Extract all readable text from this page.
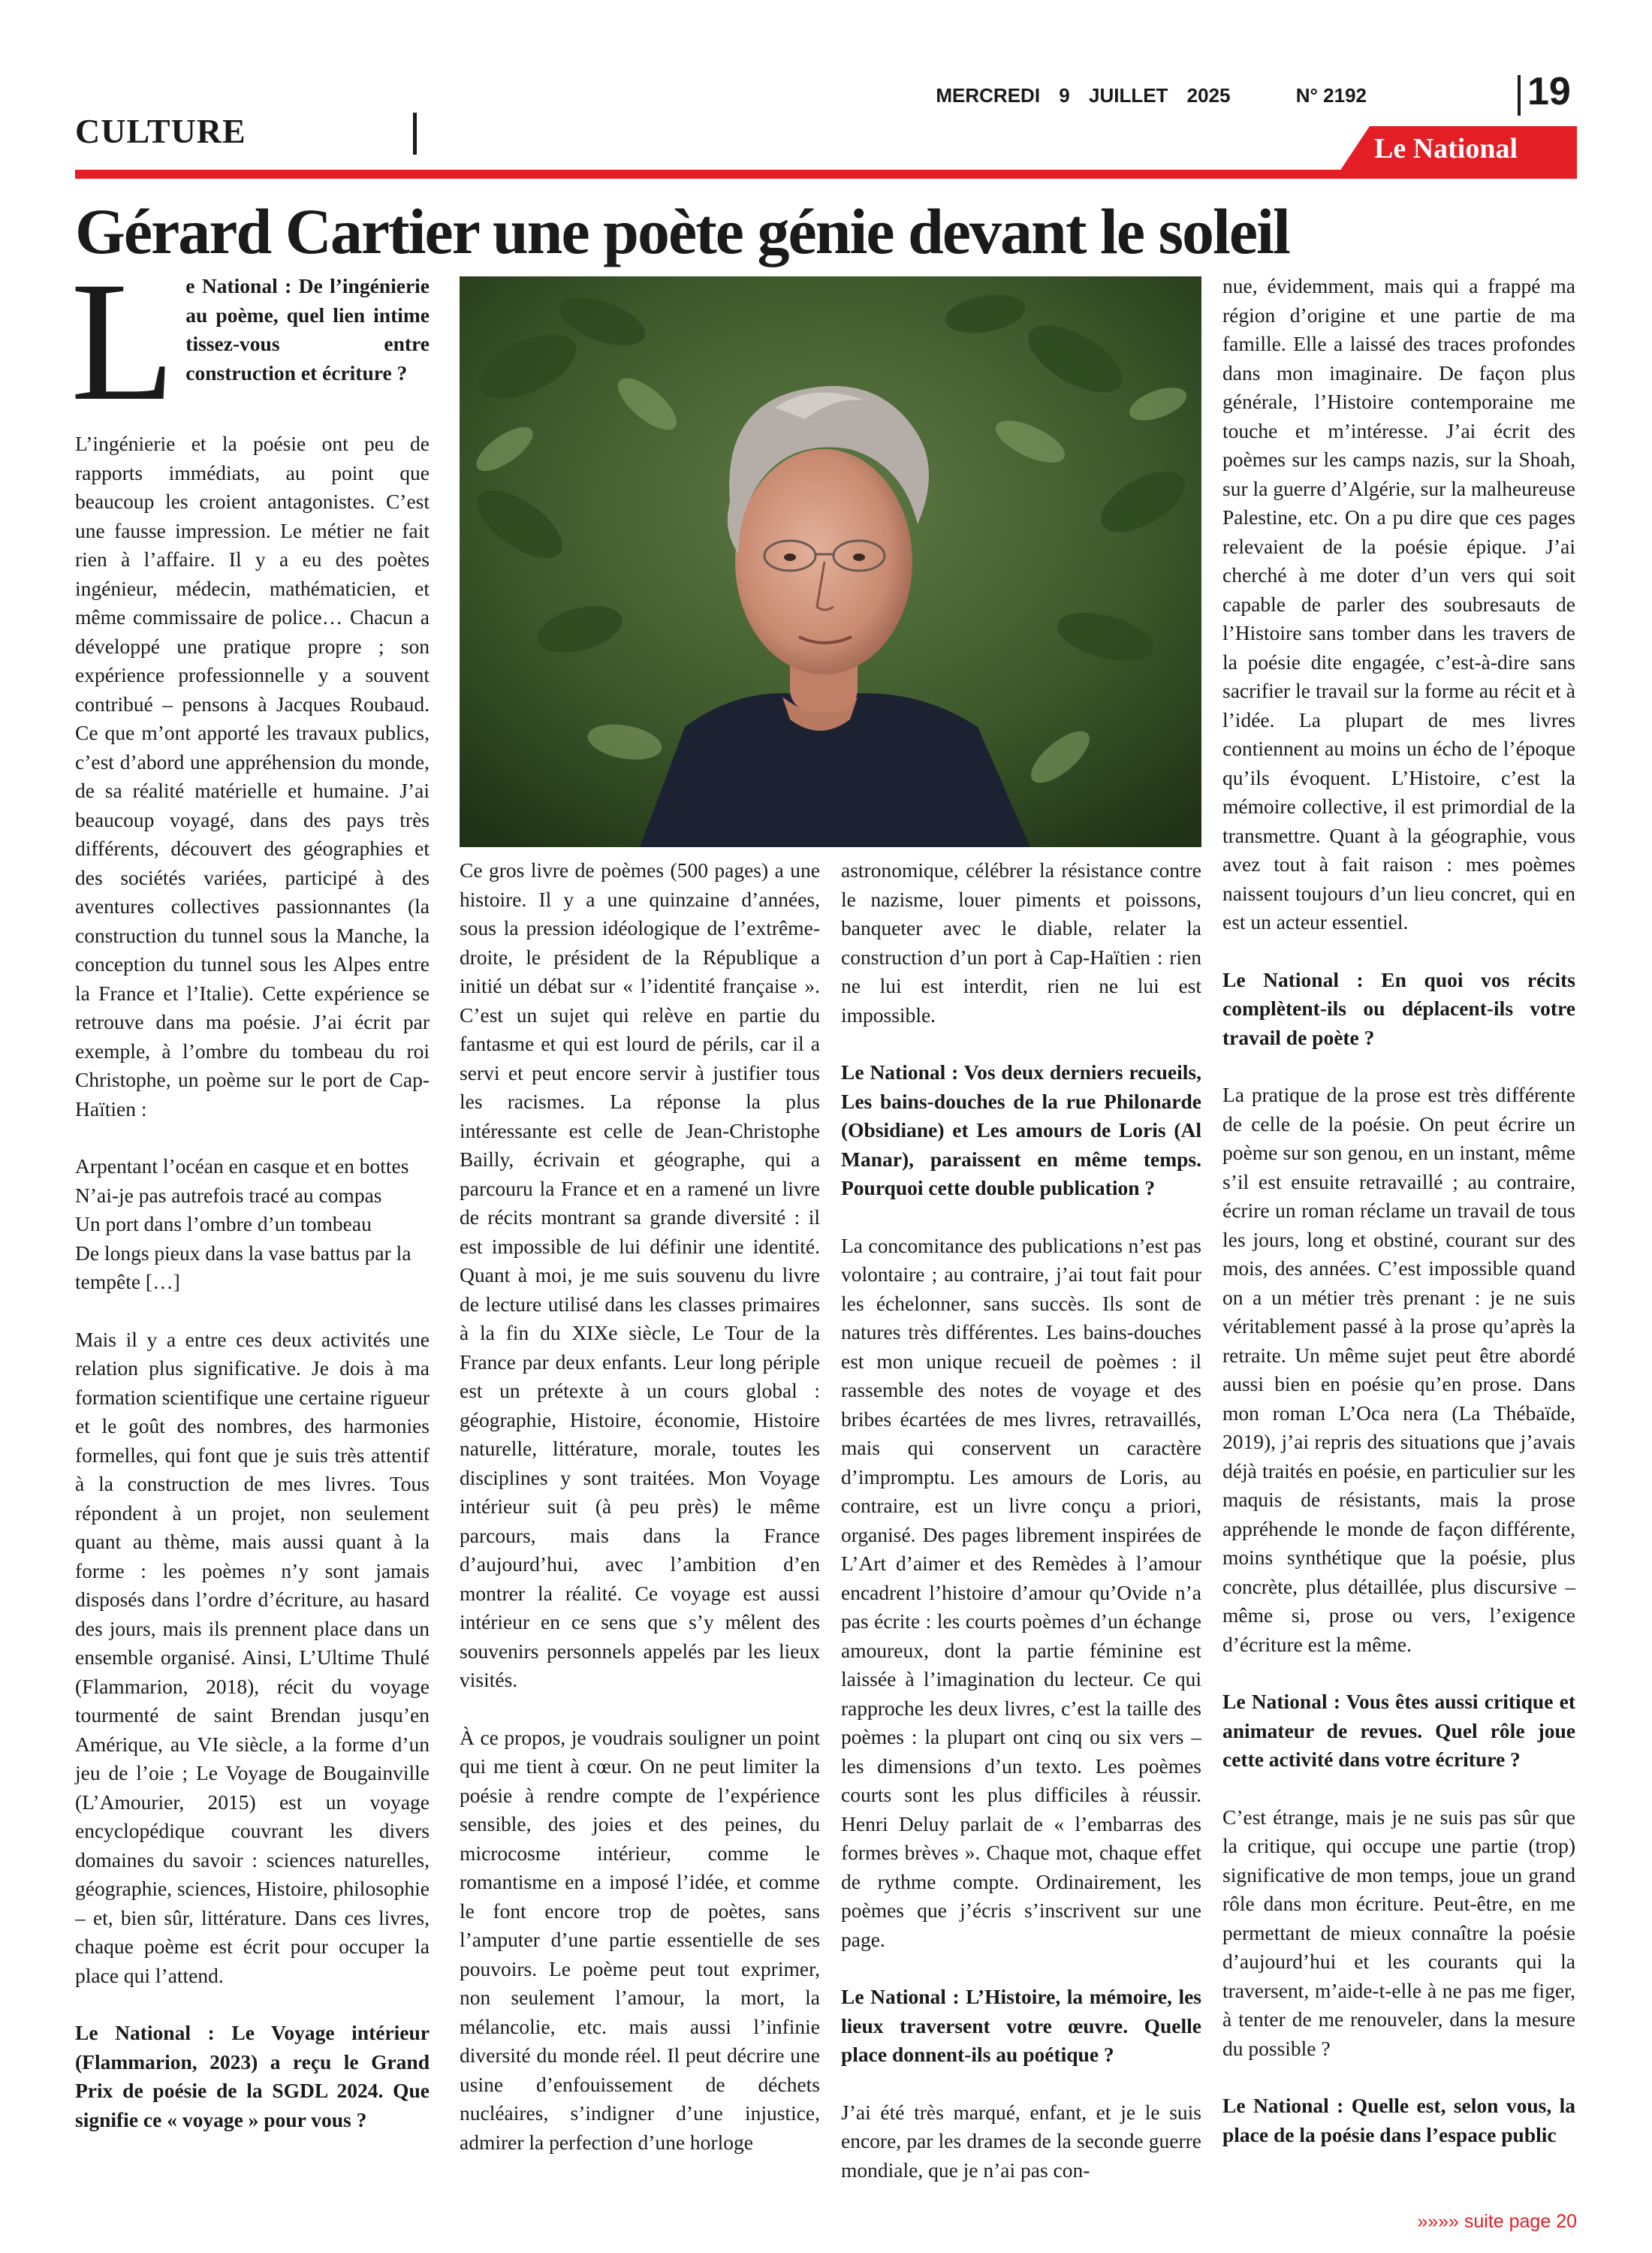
CULTURE
MERCREDI 9 JUILLET 2025	N° 2192	19
Le National
Gérard Cartier une poète génie devant le soleil
L e National : De l’ingénierie au poème, quel lien intime tissez-vous entre construction et écriture ?

L’ingénierie et la poésie ont peu de rapports immédiats, au point que beaucoup les croient antagonistes. C’est une fausse impression. Le métier ne fait rien à l’affaire. Il y a eu des poètes ingénieur, médecin, mathématicien, et même commissaire de police… Chacun a développé une pratique propre ; son expérience professionnelle y a souvent contribué – pensons à Jacques Roubaud. Ce que m’ont apporté les travaux publics, c’est d’abord une appréhension du monde, de sa réalité matérielle et humaine. J’ai beaucoup voyagé, dans des pays très différents, découvert des géographies et des sociétés variées, participé à des aventures collectives passionnantes (la construction du tunnel sous la Manche, la conception du tunnel sous les Alpes entre la France et l’Italie). Cette expérience se retrouve dans ma poésie. J’ai écrit par exemple, à l’ombre du tombeau du roi Christophe, un poème sur le port de Cap-Haïtien :

Arpentant l’océan en casque et en bottes
N’ai-je pas autrefois tracé au compas
Un port dans l’ombre d’un tombeau
De longs pieux dans la vase battus par la tempête […]

Mais il y a entre ces deux activités une relation plus significative. Je dois à ma formation scientifique une certaine rigueur et le goût des nombres, des harmonies formelles, qui font que je suis très attentif à la construction de mes livres. Tous répondent à un projet, non seulement quant au thème, mais aussi quant à la forme : les poèmes n’y sont jamais disposés dans l’ordre d’écriture, au hasard des jours, mais ils prennent place dans un ensemble organisé. Ainsi, L’Ultime Thulé (Flammarion, 2018), récit du voyage tourmenté de saint Brendan jusqu’en Amérique, au VIe siècle, a la forme d’un jeu de l’oie ; Le Voyage de Bougainville (L’Amourier, 2015) est un voyage encyclopédique couvrant les divers domaines du savoir : sciences naturelles, géographie, sciences, Histoire, philosophie – et, bien sûr, littérature. Dans ces livres, chaque poème est écrit pour occuper la place qui l’attend.

Le National : Le Voyage intérieur (Flammarion, 2023) a reçu le Grand Prix de poésie de la SGDL 2024. Que signifie ce « voyage » pour vous ?

Ce gros livre de poèmes (500 pages) a une histoire. Il y a une quinzaine d’années, sous la pression idéologique de l’extrême-droite, le président de la République a initié un débat sur « l’identité française ». C’est un sujet qui relève en partie du fantasme et qui est lourd de périls, car il a servi et peut encore servir à justifier tous les racismes. La réponse la plus intéressante est celle de Jean-Christophe Bailly, écrivain et géographe, qui a parcouru la France et en a ramené un livre de récits montrant sa grande diversité : il est impossible de lui définir une identité. Quant à moi, je me suis souvenu du livre de lecture utilisé dans les classes primaires à la fin du XIXe siècle, Le Tour de la France par deux enfants. Leur long périple est un prétexte à un cours global : géographie, Histoire, économie, Histoire naturelle, littérature, morale, toutes les disciplines y sont traitées. Mon Voyage intérieur suit (à peu près) le même parcours, mais dans la France d’aujourd’hui, avec l’ambition d’en montrer la réalité. Ce voyage est aussi intérieur en ce sens que s’y mêlent des souvenirs personnels appelés par les lieux visités.

À ce propos, je voudrais souligner un point qui me tient à cœur. On ne peut limiter la poésie à rendre compte de l’expérience sensible, des joies et des peines, du microcosme intérieur, comme le romantisme en a imposé l’idée, et comme le font encore trop de poètes, sans l’amputer d’une partie essentielle de ses pouvoirs. Le poème peut tout exprimer, non seulement l’amour, la mort, la mélancolie, etc. mais aussi l’infinie diversité du monde réel. Il peut décrire une usine d’enfouissement de déchets nucléaires, s’indigner d’une injustice, admirer la perfection d’une horloge

astronomique, célébrer la résistance contre le nazisme, louer piments et poissons, banqueter avec le diable, relater la construction d’un port à Cap-Haïtien : rien ne lui est interdit, rien ne lui est impossible.

Le National : Vos deux derniers recueils, Les bains-douches de la rue Philonarde (Obsidiane) et Les amours de Loris (Al Manar), paraissent en même temps. Pourquoi cette double publication ?

La concomitance des publications n’est pas volontaire ; au contraire, j’ai tout fait pour les échelonner, sans succès. Ils sont de natures très différentes. Les bains-douches est mon unique recueil de poèmes : il rassemble des notes de voyage et des bribes écartées de mes livres, retravaillés, mais qui conservent un caractère d’impromptu. Les amours de Loris, au contraire, est un livre conçu a priori, organisé. Des pages librement inspirées de L’Art d’aimer et des Remèdes à l’amour encadrent l’histoire d’amour qu’Ovide n’a pas écrite : les courts poèmes d’un échange amoureux, dont la partie féminine est laissée à l’imagination du lecteur. Ce qui rapproche les deux livres, c’est la taille des poèmes : la plupart ont cinq ou six vers – les dimensions d’un texto. Les poèmes courts sont les plus difficiles à réussir. Henri Deluy parlait de « l’embarras des formes brèves ». Chaque mot, chaque effet de rythme compte. Ordinairement, les poèmes que j’écris s’inscrivent sur une page.

Le National : L’Histoire, la mémoire, les lieux traversent votre œuvre. Quelle place donnent-ils au poétique ?

J’ai été très marqué, enfant, et je le suis encore, par les drames de la seconde guerre mondiale, que je n’ai pas con-

nue, évidemment, mais qui a frappé ma région d’origine et une partie de ma famille. Elle a laissé des traces profondes dans mon imaginaire. De façon plus générale, l’Histoire contemporaine me touche et m’intéresse. J’ai écrit des poèmes sur les camps nazis, sur la Shoah, sur la guerre d’Algérie, sur la malheureuse Palestine, etc. On a pu dire que ces pages relevaient de la poésie épique. J’ai cherché à me doter d’un vers qui soit capable de parler des soubresauts de l’Histoire sans tomber dans les travers de la poésie dite engagée, c’est-à-dire sans sacrifier le travail sur la forme au récit et à l’idée. La plupart de mes livres contiennent au moins un écho de l’époque qu’ils évoquent. L’Histoire, c’est la mémoire collective, il est primordial de la transmettre. Quant à la géographie, vous avez tout à fait raison : mes poèmes naissent toujours d’un lieu concret, qui en est un acteur essentiel.

Le National : En quoi vos récits complètent-ils ou déplacent-ils votre travail de poète ?

La pratique de la prose est très différente de celle de la poésie. On peut écrire un poème sur son genou, en un instant, même s’il est ensuite retravaillé ; au contraire, écrire un roman réclame un travail de tous les jours, long et obstiné, courant sur des mois, des années. C’est impossible quand on a un métier très prenant : je ne suis véritablement passé à la prose qu’après la retraite. Un même sujet peut être abordé aussi bien en poésie qu’en prose. Dans mon roman L’Oca nera (La Thébaïde, 2019), j’ai repris des situations que j’avais déjà traités en poésie, en particulier sur les maquis de résistants, mais la prose appréhende le monde de façon différente, moins synthétique que la poésie, plus concrète, plus détaillée, plus discursive – même si, prose ou vers, l’exigence d’écriture est la même.

Le National : Vous êtes aussi critique et animateur de revues. Quel rôle joue cette activité dans votre écriture ?

C’est étrange, mais je ne suis pas sûr que la critique, qui occupe une partie (trop) significative de mon temps, joue un grand rôle dans mon écriture. Peut-être, en me permettant de mieux connaître la poésie d’aujourd’hui et les courants qui la traversent, m’aide-t-elle à ne pas me figer, à tenter de me renouveler, dans la mesure du possible ?

Le National : Quelle est, selon vous, la place de la poésie dans l’espace public

»»»» suite page 20
